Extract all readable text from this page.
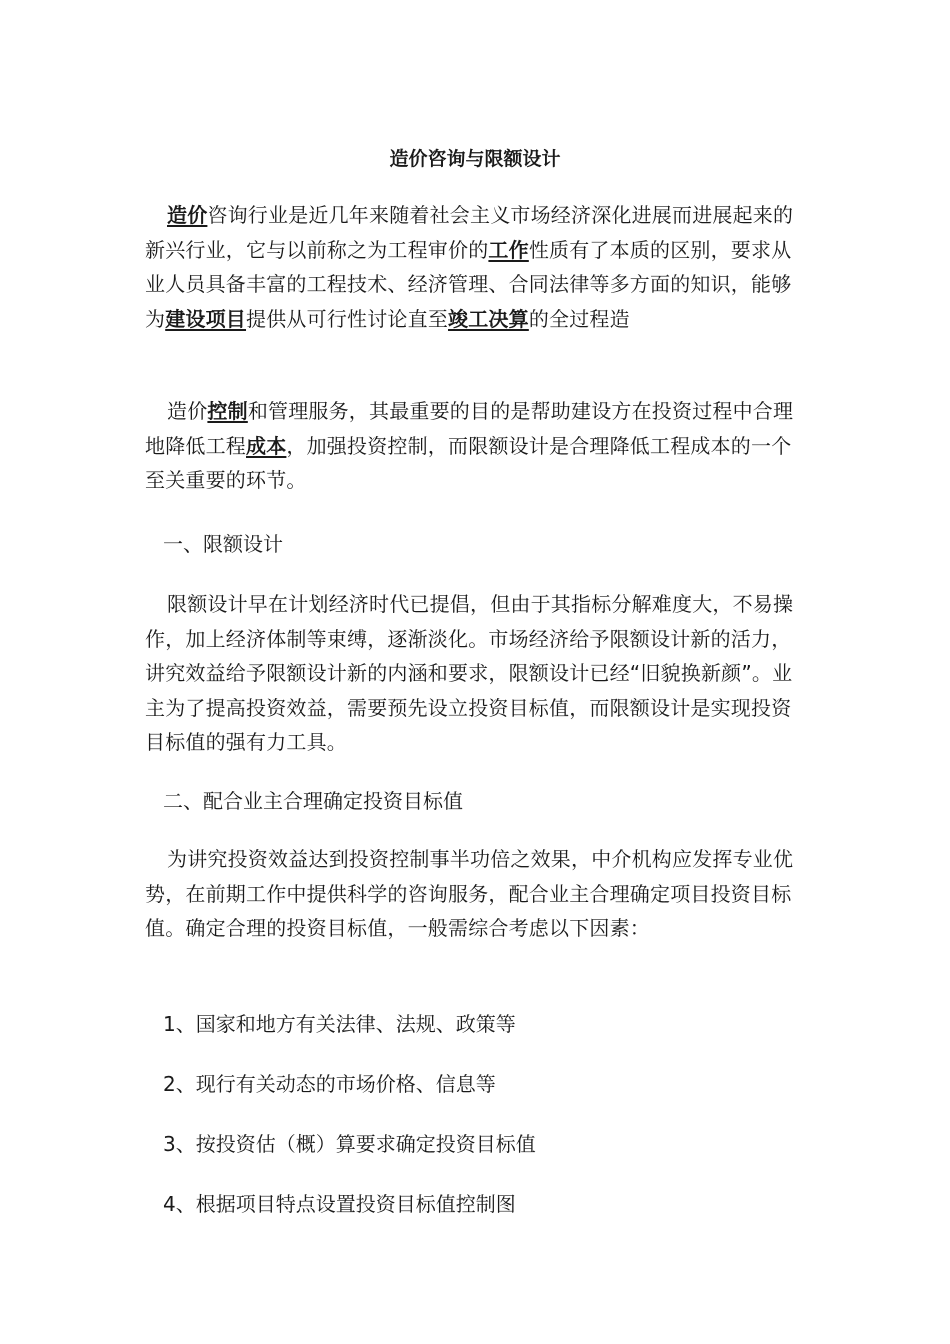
造价咨询与限额设计

造价咨询行业是近几年来随着社会主义市场经济深化进展而进展起来的新兴行业，它与以前称之为工程审价的工作性质有了本质的区别，要求从业人员具备丰富的工程技术、经济管理、合同法律等多方面的知识，能够为建设项目提供从可行性讨论直至竣工决算的全过程造

造价控制和管理服务，其最重要的目的是帮助建设方在投资过程中合理地降低工程成本，加强投资控制，而限额设计是合理降低工程成本的一个至关重要的环节。

一、限额设计

限额设计早在计划经济时代已提倡，但由于其指标分解难度大，不易操作，加上经济体制等束缚，逐渐淡化。市场经济给予限额设计新的活力，讲究效益给予限额设计新的内涵和要求，限额设计已经“旧貌换新颜”。业主为了提高投资效益，需要预先设立投资目标值，而限额设计是实现投资目标值的强有力工具。

二、配合业主合理确定投资目标值

为讲究投资效益达到投资控制事半功倍之效果，中介机构应发挥专业优势，在前期工作中提供科学的咨询服务，配合业主合理确定项目投资目标值。确定合理的投资目标值，一般需综合考虑以下因素：

1、国家和地方有关法律、法规、政策等

2、现行有关动态的市场价格、信息等

3、按投资估（概）算要求确定投资目标值

4、根据项目特点设置投资目标值控制图
